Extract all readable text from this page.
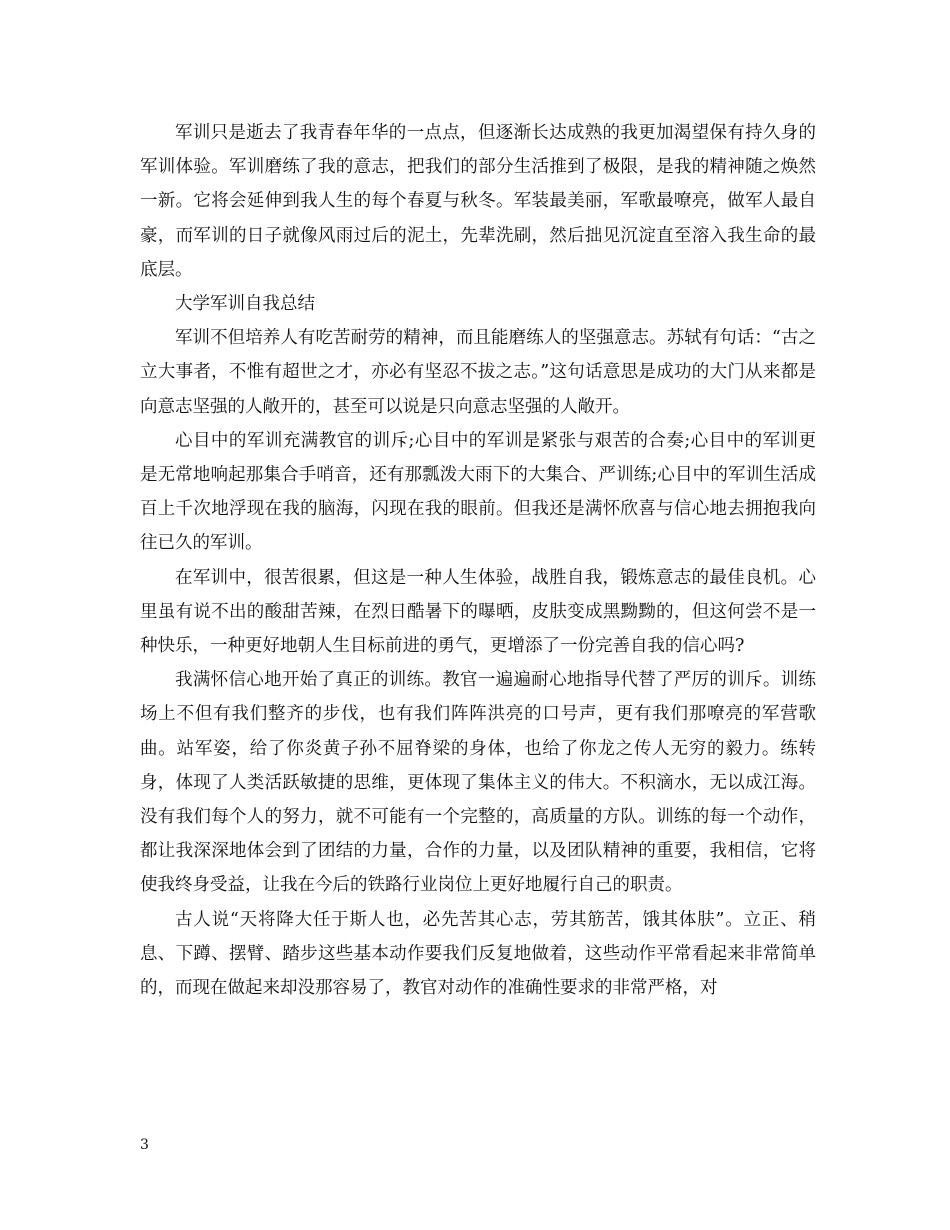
军训只是逝去了我青春年华的一点点，但逐渐长达成熟的我更加渴望保有持久身的军训体验。军训磨练了我的意志，把我们的部分生活推到了极限，是我的精神随之焕然一新。它将会延伸到我人生的每个春夏与秋冬。军装最美丽，军歌最嘹亮，做军人最自豪，而军训的日子就像风雨过后的泥土，先辈洗刷，然后拙见沉淀直至溶入我生命的最底层。

大学军训自我总结

军训不但培养人有吃苦耐劳的精神，而且能磨练人的坚强意志。苏轼有句话：“古之立大事者，不惟有超世之才，亦必有坚忍不拔之志。”这句话意思是成功的大门从来都是向意志坚强的人敞开的，甚至可以说是只向意志坚强的人敞开。

心目中的军训充满教官的训斥;心目中的军训是紧张与艰苦的合奏;心目中的军训更是无常地响起那集合手哨音，还有那瓢泼大雨下的大集合、严训练;心目中的军训生活成百上千次地浮现在我的脑海，闪现在我的眼前。但我还是满怀欣喜与信心地去拥抱我向往已久的军训。

在军训中，很苦很累，但这是一种人生体验，战胜自我，锻炼意志的最佳良机。心里虽有说不出的酸甜苦辣，在烈日酷暑下的曝晒，皮肤变成黑黝黝的，但这何尝不是一种快乐，一种更好地朝人生目标前进的勇气，更增添了一份完善自我的信心吗?

我满怀信心地开始了真正的训练。教官一遍遍耐心地指导代替了严厉的训斥。训练场上不但有我们整齐的步伐，也有我们阵阵洪亮的口号声，更有我们那嘹亮的军营歌曲。站军姿，给了你炎黄子孙不屈脊梁的身体，也给了你龙之传人无穷的毅力。练转身，体现了人类活跃敏捷的思维，更体现了集体主义的伟大。不积滴水，无以成江海。没有我们每个人的努力，就不可能有一个完整的，高质量的方队。训练的每一个动作，都让我深深地体会到了团结的力量，合作的力量，以及团队精神的重要，我相信，它将使我终身受益，让我在今后的铁路行业岗位上更好地履行自己的职责。

古人说“天将降大任于斯人也，必先苦其心志，劳其筋苦，饿其体肤”。立正、稍息、下蹲、摆臂、踏步这些基本动作要我们反复地做着，这些动作平常看起来非常简单的，而现在做起来却没那容易了，教官对动作的准确性要求的非常严格，对

3
